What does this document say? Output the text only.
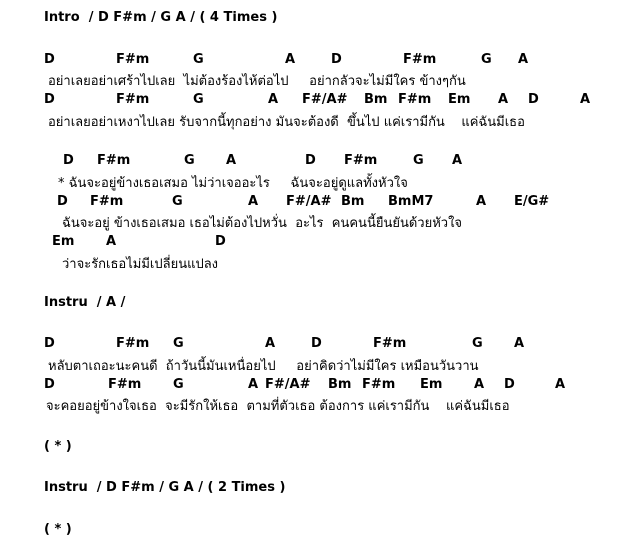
Intro  / D F#m / G A / ( 4 Times )
D	F#m	G	A	D	F#m	G A
อย่าเลยอย่าเศร้าไปเลย  ไม่ต้องร้องไห้ต่อไป     อย่ากลัวจะไม่มีใคร ข้างๆกัน
D	F#m	G	A F#/A# Bm F#m Em A D	A
อย่าเลยอย่าเหงาไปเลย รับจากนี้ทุกอย่าง มันจะต้องดี  ขึ้นไป แค่เรามีกัน    แค่ฉันมีเธอ
D F#m	G A	D F#m	G A
* ฉันจะอยู่ข้างเธอเสมอ ไม่ว่าเจออะไร     ฉันจะอยู่ดูแลทั้งหัวใจ
D F#m	G	A F#/A# Bm BmM7	A E/G#
ฉันจะอยู่ ข้างเธอเสมอ เธอไม่ต้องไปหวั่น  อะไร  คนคนนี้ยืนยันด้วยหัวใจ
Em A	D
ว่าจะรักเธอไม่มีเปลี่ยนแปลง
Instru  / A /
D	F#m G	A	D	F#m	G A
หลับตาเถอะนะคนดี  ถ้าวันนี้มันเหนื่อยไป     อย่าคิดว่าไม่มีใคร เหมือนวันวาน
D	F#m G	A F#/A# Bm F#m Em A D	A
จะคอยอยู่ข้างใจเธอ  จะมีรักให้เธอ  ตามที่ตัวเธอ ต้องการ แค่เรามีกัน    แค่ฉันมีเธอ
( * )
Instru  / D F#m / G A / ( 2 Times )
( * )
